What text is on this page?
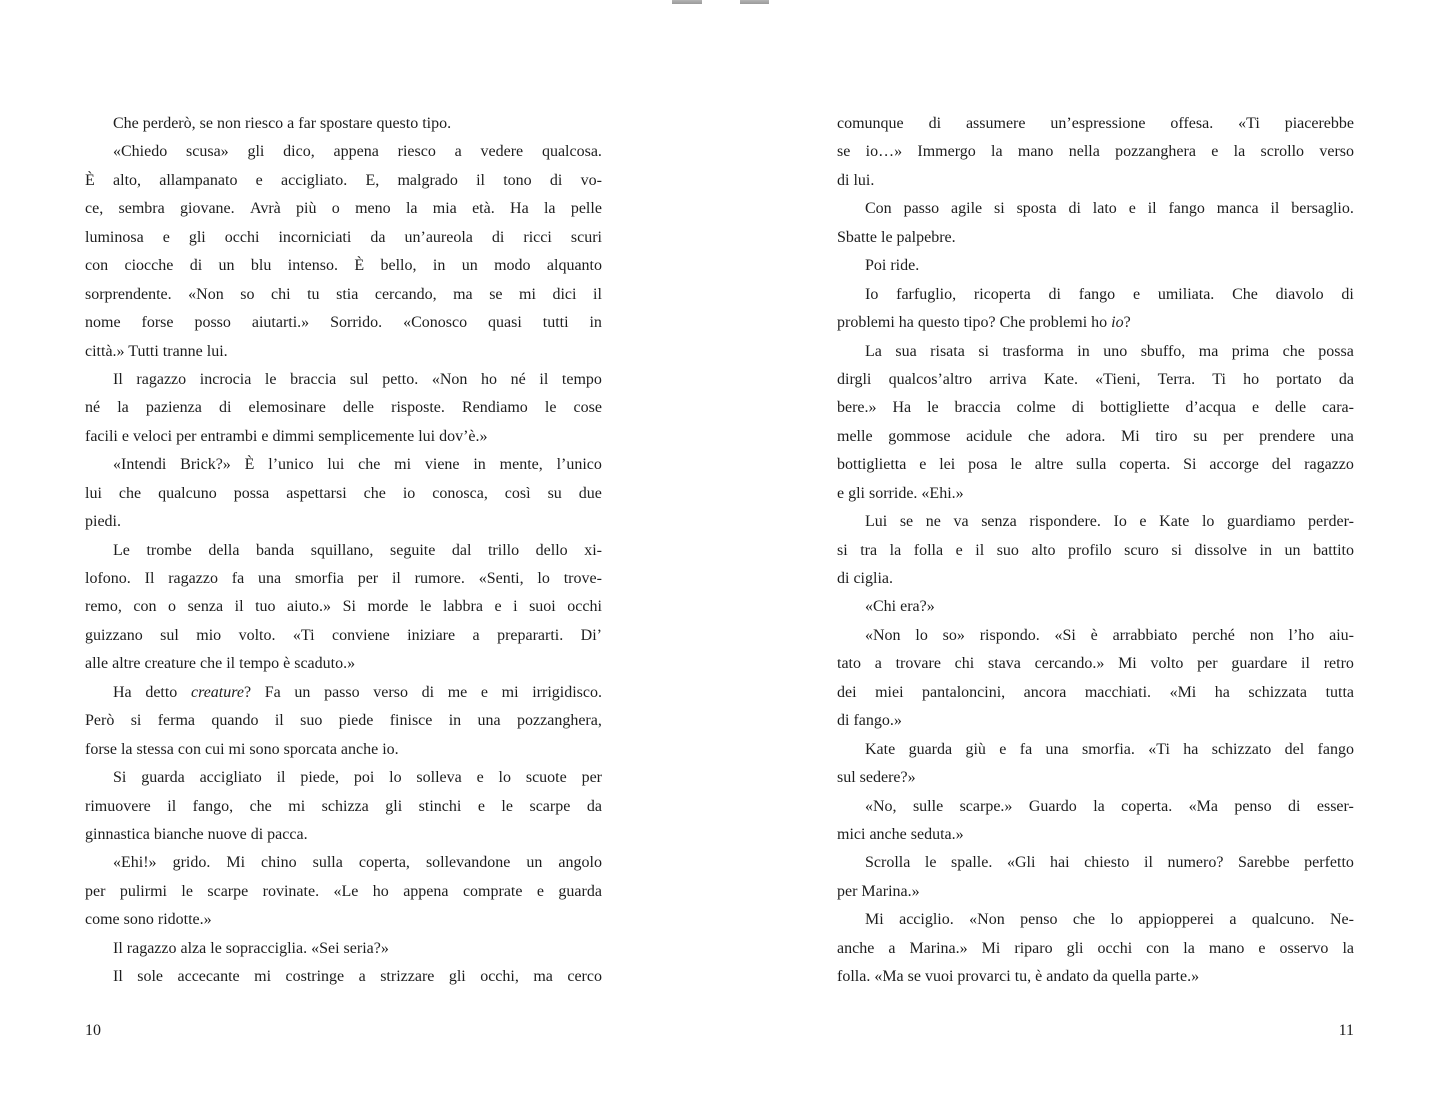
Che perderò, se non riesco a far spostare questo tipo.
«Chiedo scusa» gli dico, appena riesco a vedere qualcosa.
È alto, allampanato e accigliato. E, malgrado il tono di vo-
ce, sembra giovane. Avrà più o meno la mia età. Ha la pelle
luminosa e gli occhi incorniciati da un’aureola di ricci scuri
con ciocche di un blu intenso. È bello, in un modo alquanto
sorprendente. «Non so chi tu stia cercando, ma se mi dici il
nome forse posso aiutarti.» Sorrido. «Conosco quasi tutti in
città.» Tutti tranne lui.
Il ragazzo incrocia le braccia sul petto. «Non ho né il tempo
né la pazienza di elemosinare delle risposte. Rendiamo le cose
facili e veloci per entrambi e dimmi semplicemente lui dov’è.»
«Intendi Brick?» È l’unico lui che mi viene in mente, l’unico
lui che qualcuno possa aspettarsi che io conosca, così su due
piedi.
Le trombe della banda squillano, seguite dal trillo dello xi-
lofono. Il ragazzo fa una smorfia per il rumore. «Senti, lo trove-
remo, con o senza il tuo aiuto.» Si morde le labbra e i suoi occhi
guizzano sul mio volto. «Ti conviene iniziare a prepararti. Di’
alle altre creature che il tempo è scaduto.»
Ha detto creature? Fa un passo verso di me e mi irrigidisco.
Però si ferma quando il suo piede finisce in una pozzanghera,
forse la stessa con cui mi sono sporcata anche io.
Si guarda accigliato il piede, poi lo solleva e lo scuote per
rimuovere il fango, che mi schizza gli stinchi e le scarpe da
ginnastica bianche nuove di pacca.
«Ehi!» grido. Mi chino sulla coperta, sollevandone un angolo
per pulirmi le scarpe rovinate. «Le ho appena comprate e guarda
come sono ridotte.»
Il ragazzo alza le sopracciglia. «Sei seria?»
Il sole accecante mi costringe a strizzare gli occhi, ma cerco
comunque di assumere un’espressione offesa. «Ti piacerebbe
se io…» Immergo la mano nella pozzanghera e la scrollo verso
di lui.
Con passo agile si sposta di lato e il fango manca il bersaglio.
Sbatte le palpebre.
Poi ride.
Io farfuglio, ricoperta di fango e umiliata. Che diavolo di
problemi ha questo tipo? Che problemi ho io?
La sua risata si trasforma in uno sbuffo, ma prima che possa
dirgli qualcos’altro arriva Kate. «Tieni, Terra. Ti ho portato da
bere.» Ha le braccia colme di bottigliette d’acqua e delle cara-
melle gommose acidule che adora. Mi tiro su per prendere una
bottiglietta e lei posa le altre sulla coperta. Si accorge del ragazzo
e gli sorride. «Ehi.»
Lui se ne va senza rispondere. Io e Kate lo guardiamo perder-
si tra la folla e il suo alto profilo scuro si dissolve in un battito
di ciglia.
«Chi era?»
«Non lo so» rispondo. «Si è arrabbiato perché non l’ho aiu-
tato a trovare chi stava cercando.» Mi volto per guardare il retro
dei miei pantaloncini, ancora macchiati. «Mi ha schizzata tutta
di fango.»
Kate guarda giù e fa una smorfia. «Ti ha schizzato del fango
sul sedere?»
«No, sulle scarpe.» Guardo la coperta. «Ma penso di esser-
mici anche seduta.»
Scrolla le spalle. «Gli hai chiesto il numero? Sarebbe perfetto
per Marina.»
Mi acciglio. «Non penso che lo appiopperei a qualcuno. Ne-
anche a Marina.» Mi riparo gli occhi con la mano e osservo la
folla. «Ma se vuoi provarci tu, è andato da quella parte.»
10	11
